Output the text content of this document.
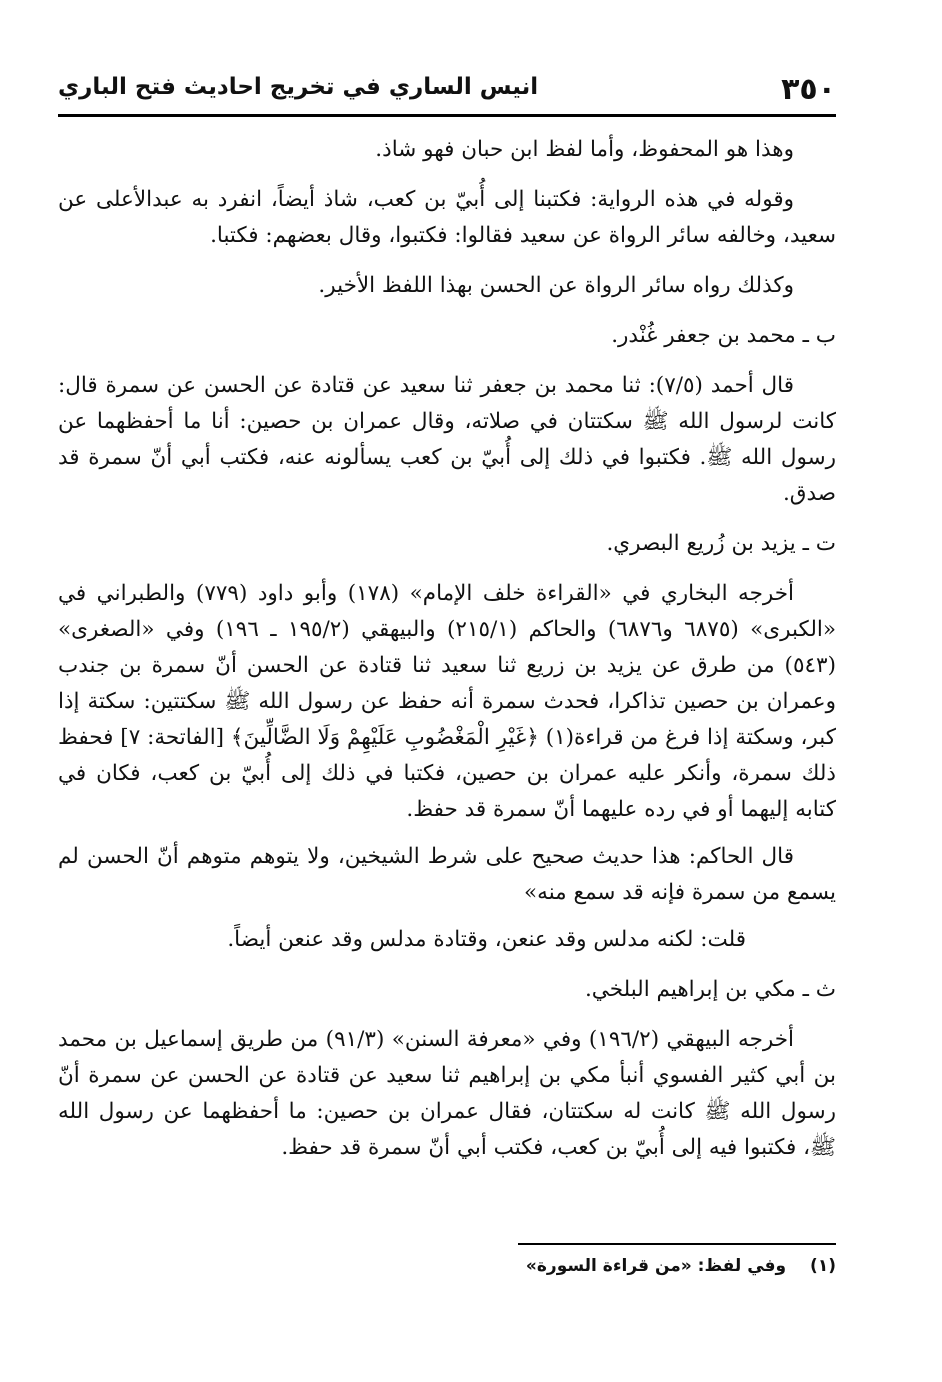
٣٥٠
انيس الساري في تخريج احاديث فتح الباري

وهذا هو المحفوظ، وأما لفظ ابن حبان فهو شاذ.

وقوله في هذه الرواية: فكتبنا إلى أُبيّ بن كعب، شاذ أيضاً، انفرد به عبدالأعلى عن سعيد، وخالفه سائر الرواة عن سعيد فقالوا: فكتبوا، وقال بعضهم: فكتبا.

وكذلك رواه سائر الرواة عن الحسن بهذا اللفظ الأخير.

ب ـ محمد بن جعفر غُنْدر.

قال أحمد (٧/٥): ثنا محمد بن جعفر ثنا سعيد عن قتادة عن الحسن عن سمرة قال: كانت لرسول الله ﷺ سكتتان في صلاته، وقال عمران بن حصين: أنا ما أحفظهما عن رسول الله ﷺ. فكتبوا في ذلك إلى أُبيّ بن كعب يسألونه عنه، فكتب أبي أنّ سمرة قد صدق.

ت ـ يزيد بن زُريع البصري.

أخرجه البخاري في «القراءة خلف الإمام» (١٧٨) وأبو داود (٧٧٩) والطبراني في «الكبرى» (٦٨٧٥ و٦٨٧٦) والحاكم (٢١٥/١) والبيهقي (١٩٥/٢ ـ ١٩٦) وفي «الصغرى» (٥٤٣) من طرق عن يزيد بن زريع ثنا سعيد ثنا قتادة عن الحسن أنّ سمرة بن جندب وعمران بن حصين تذاكرا، فحدث سمرة أنه حفظ عن رسول الله ﷺ سكتتين: سكتة إذا كبر، وسكتة إذا فرغ من قراءة(١) ﴿غَيْرِ الْمَغْضُوبِ عَلَيْهِمْ وَلَا الضَّالِّينَ﴾ [الفاتحة: ٧] فحفظ ذلك سمرة، وأنكر عليه عمران بن حصين، فكتبا في ذلك إلى أُبيّ بن كعب، فكان في كتابه إليهما أو في رده عليهما أنّ سمرة قد حفظ.

قال الحاكم: هذا حديث صحيح على شرط الشيخين، ولا يتوهم متوهم أنّ الحسن لم يسمع من سمرة فإنه قد سمع منه»

قلت: لكنه مدلس وقد عنعن، وقتادة مدلس وقد عنعن أيضاً.

ث ـ مكي بن إبراهيم البلخي.

أخرجه البيهقي (١٩٦/٢) وفي «معرفة السنن» (٩١/٣) من طريق إسماعيل بن محمد بن أبي كثير الفسوي أنبأ مكي بن إبراهيم ثنا سعيد عن قتادة عن الحسن عن سمرة أنّ رسول الله ﷺ كانت له سكتتان، فقال عمران بن حصين: ما أحفظهما عن رسول الله ﷺ، فكتبوا فيه إلى أُبيّ بن كعب، فكتب أبي أنّ سمرة قد حفظ.

(١) وفي لفظ: «من قراءة السورة»
